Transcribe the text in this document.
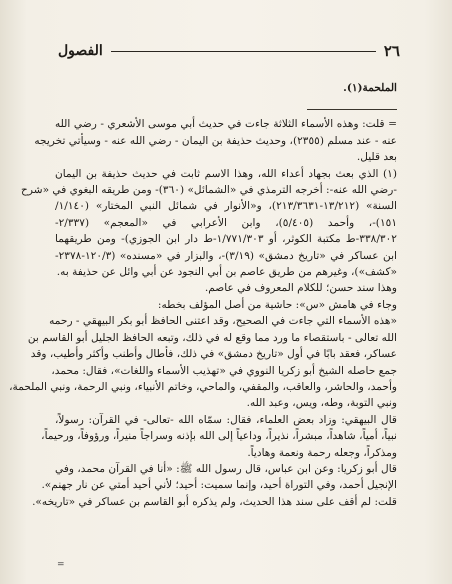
٢٦
الفصول
الملحمة(١).
= قلت: وهذه الأسماء الثلاثة جاءت في حديث أبي موسى الأشعري - رضي الله
عنه - عند مسلم (٢٣٥٥)، وحديث حذيفة بن اليمان - رضي الله عنه - وسيأتي تخريجه
بعد قليل.
(١) الذي بعث بجهاد أعداء الله، وهذا الاسم ثابت في حديث حذيفة بن اليمان
-رضي الله عنه-: أخرجه الترمذي في «الشمائل» (٣٦٠)- ومن طريقه البغوي في «شرح
السنة» (١٣/٢١٢-٢١٣/٣٦٣١)، و«الأنوار في شمائل النبي المختار» (١/١٤٠/
١٥١)-، وأحمد (٥/٤٠٥)، وابن الأعرابي في «المعجم» (٢/٣٣٧-
٣٣٨/٣٠٢-ط مكتبة الكوثر، أو ١/٧٧١/٣٠٣-ط دار ابن الجوزي)- ومن طريقهما
ابن عساكر في «تاريخ دمشق» (٣/١٩)-، والبزار في «مسنده» (١٢٠/٣-٢٣٧٨-
«كشف»)، وغيرهم من طريق عاصم بن أبي النجود عن أبي وائل عن حذيفة به.
وهذا سند حسن؛ للكلام المعروف في عاصم.
وجاء في هامش «س»: حاشية من أصل المؤلف بخطه:
«هذه الأسماء التي جاءت في الصحيح، وقد اعتنى الحافظ أبو بكر البيهقي - رحمه
الله تعالى - باستقصاء ما ورد مما وقع له في ذلك، وتبعه الحافظ الجليل أبو القاسم بن
عساكر، فعقد بابًا في أول «تاريخ دمشق» في ذلك، فأطال وأطنب وأكثر وأطيب، وقد
جمع حاصله الشيخ أبو زكريا النووي في «تهذيب الأسماء واللغات»، فقال: محمد،
وأحمد، والحاشر، والعاقب، والمقفي، والماحي، وخاتم الأنبياء، ونبي الرحمة، ونبي الملحمة،
ونبي التوبة، وطه، ويس، وعبد الله.
قال البيهقي: وزاد بعض العلماء، فقال: سمّاه الله -تعالى- في القرآن: رسولاً،
نبياً، أمياً، شاهداً، مبشراً، نذيراً، وداعياً إلى الله بإذنه وسراجاً منيراً، ورؤوفاً، ورحيماً،
ومذكراً، وجعله رحمة ونعمة وهادياً.
قال أبو زكريا: وعن ابن عباس، قال رسول الله ﷺ: «أنا في القرآن محمد، وفي
الإنجيل أحمد، وفي التوراة أحيد، وإنما سميت: أحيد؛ لأني أحيد أمتي عن نار جهنم».
قلت: لم أقف على سند هذا الحديث، ولم يذكره أبو القاسم بن عساكر في «تاريخه».
=
